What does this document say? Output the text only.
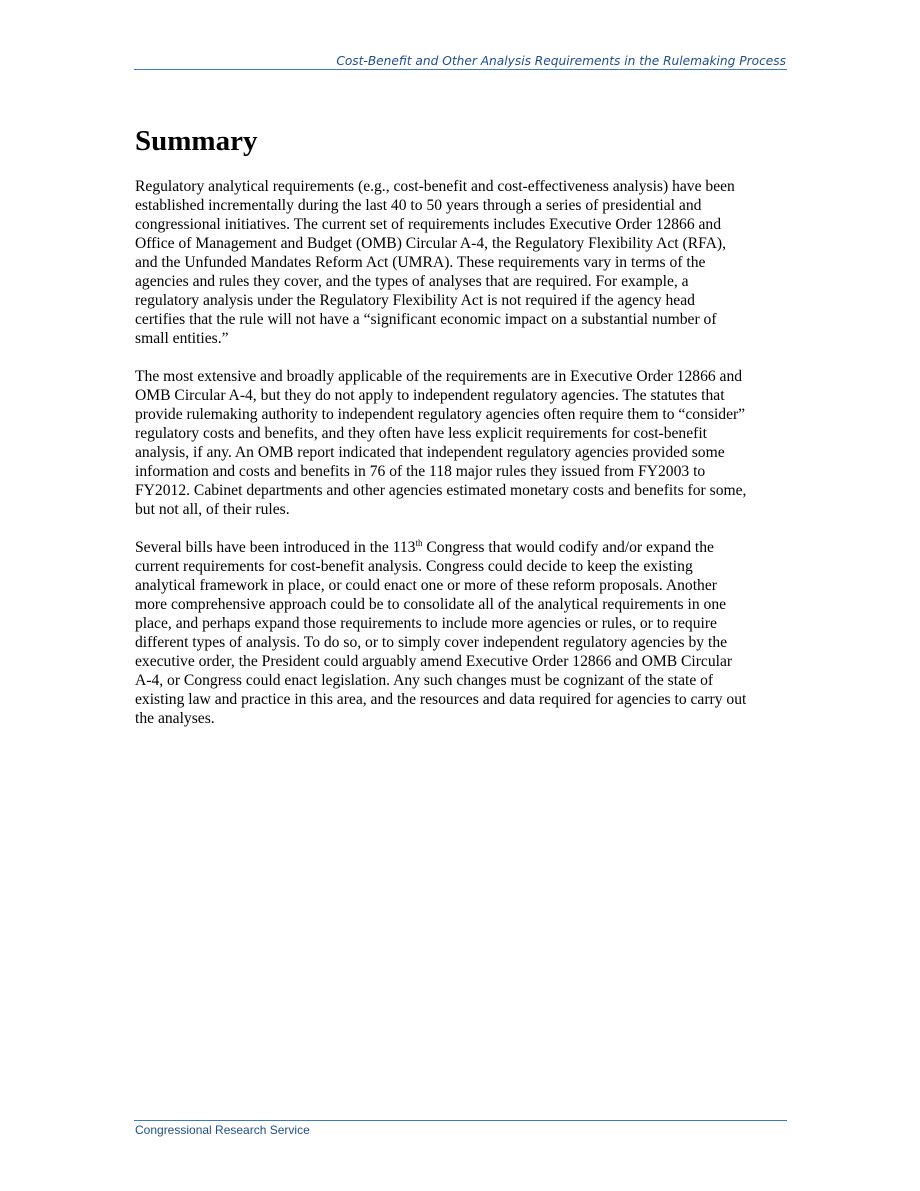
Cost-Benefit and Other Analysis Requirements in the Rulemaking Process
Summary

Regulatory analytical requirements (e.g., cost-benefit and cost-effectiveness analysis) have been
established incrementally during the last 40 to 50 years through a series of presidential and
congressional initiatives. The current set of requirements includes Executive Order 12866 and
Office of Management and Budget (OMB) Circular A-4, the Regulatory Flexibility Act (RFA),
and the Unfunded Mandates Reform Act (UMRA). These requirements vary in terms of the
agencies and rules they cover, and the types of analyses that are required. For example, a
regulatory analysis under the Regulatory Flexibility Act is not required if the agency head
certifies that the rule will not have a “significant economic impact on a substantial number of
small entities.”

The most extensive and broadly applicable of the requirements are in Executive Order 12866 and
OMB Circular A-4, but they do not apply to independent regulatory agencies. The statutes that
provide rulemaking authority to independent regulatory agencies often require them to “consider”
regulatory costs and benefits, and they often have less explicit requirements for cost-benefit
analysis, if any. An OMB report indicated that independent regulatory agencies provided some
information and costs and benefits in 76 of the 118 major rules they issued from FY2003 to
FY2012. Cabinet departments and other agencies estimated monetary costs and benefits for some,
but not all, of their rules.

Several bills have been introduced in the 113th Congress that would codify and/or expand the
current requirements for cost-benefit analysis. Congress could decide to keep the existing
analytical framework in place, or could enact one or more of these reform proposals. Another
more comprehensive approach could be to consolidate all of the analytical requirements in one
place, and perhaps expand those requirements to include more agencies or rules, or to require
different types of analysis. To do so, or to simply cover independent regulatory agencies by the
executive order, the President could arguably amend Executive Order 12866 and OMB Circular
A-4, or Congress could enact legislation. Any such changes must be cognizant of the state of
existing law and practice in this area, and the resources and data required for agencies to carry out
the analyses.

Congressional Research Service
